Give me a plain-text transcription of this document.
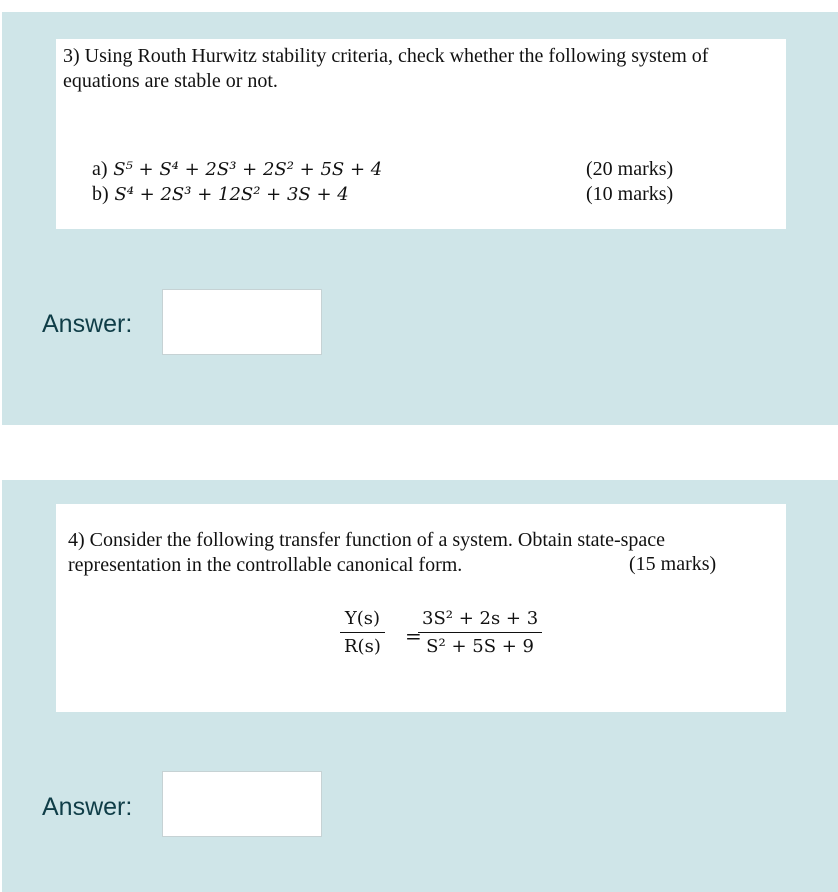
3) Using Routh Hurwitz stability criteria, check whether the following system of equations are stable or not.
a) S⁵ + S⁴ + 2S³ + 2S² + 5S + 4	(20 marks)
b) S⁴ + 2S³ + 12S² + 3S + 4	(10 marks)
Answer:
4) Consider the following transfer function of a system. Obtain state-space representation in the controllable canonical form.	(15 marks)
$\frac{Y(s)}{R(s)}$ =
$\frac{\text{3S² + 2s + 3}}{\text{S² + 5S + 9}}$
Answer:
